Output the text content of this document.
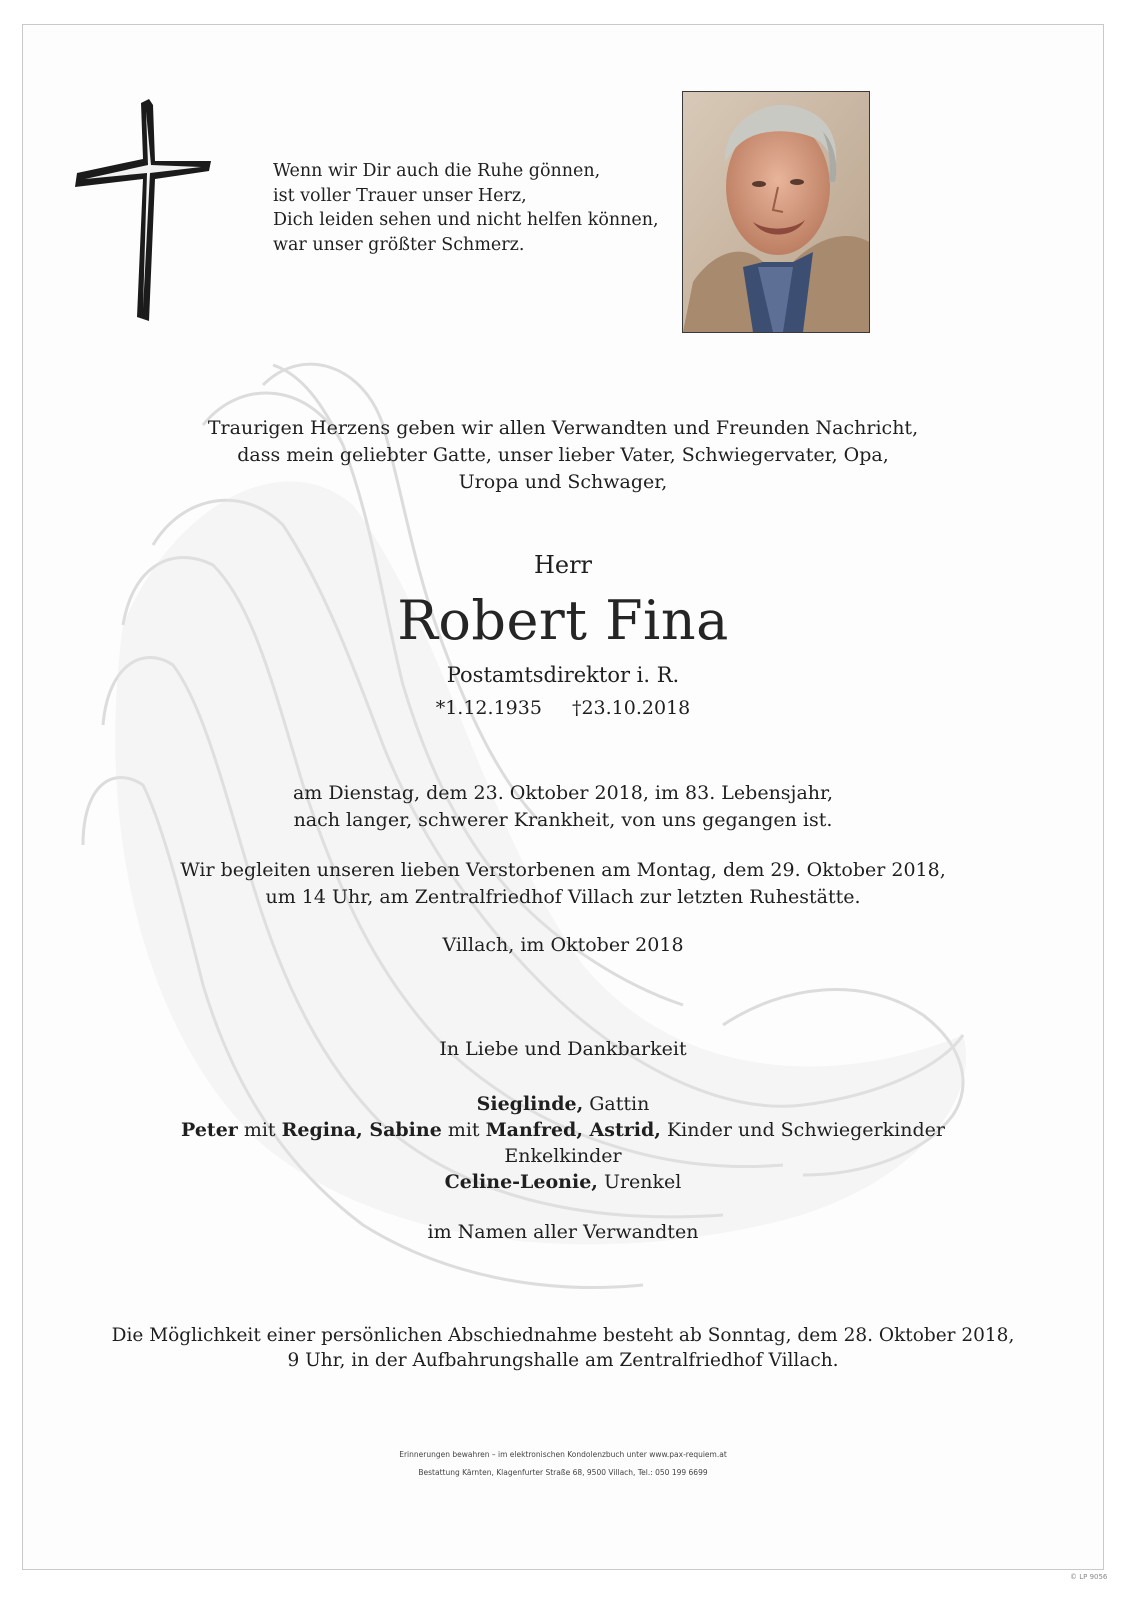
Wenn wir Dir auch die Ruhe gönnen,
ist voller Trauer unser Herz,
Dich leiden sehen und nicht helfen können,
war unser größter Schmerz.
Traurigen Herzens geben wir allen Verwandten und Freunden Nachricht,
dass mein geliebter Gatte, unser lieber Vater, Schwiegervater, Opa,
Uropa und Schwager,
Herr
Robert Fina
Postamtsdirektor i. R.
*1.12.1935 †23.10.2018
am Dienstag, dem 23. Oktober 2018, im 83. Lebensjahr,
nach langer, schwerer Krankheit, von uns gegangen ist.
Wir begleiten unseren lieben Verstorbenen am Montag, dem 29. Oktober 2018,
um 14 Uhr, am Zentralfriedhof Villach zur letzten Ruhestätte.
Villach, im Oktober 2018
In Liebe und Dankbarkeit
Sieglinde, Gattin
Peter mit Regina, Sabine mit Manfred, Astrid, Kinder und Schwiegerkinder
Enkelkinder
Celine-Leonie, Urenkel
im Namen aller Verwandten
Die Möglichkeit einer persönlichen Abschiednahme besteht ab Sonntag, dem 28. Oktober 2018,
9 Uhr, in der Aufbahrungshalle am Zentralfriedhof Villach.
Erinnerungen bewahren – im elektronischen Kondolenzbuch unter www.pax-requiem.at
Bestattung Kärnten, Klagenfurter Straße 68, 9500 Villach, Tel.: 050 199 6699
© LP 9056
